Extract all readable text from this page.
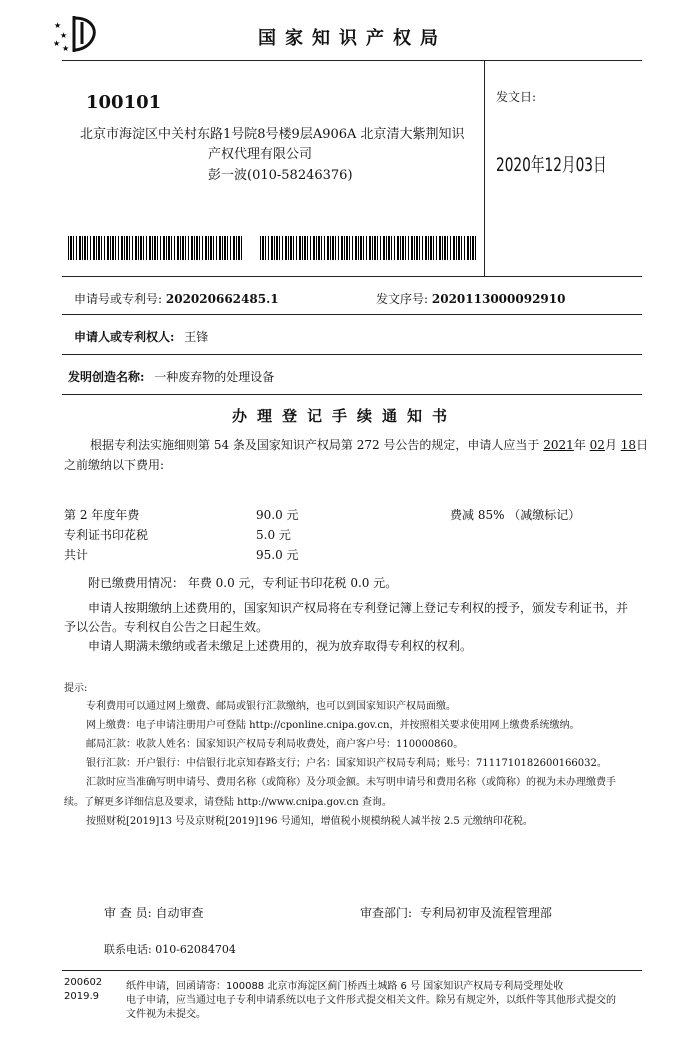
★
★
★
★	国家知识产权局
100101
北京市海淀区中关村东路1号院8号楼9层A906A 北京清大紫荆知识
产权代理有限公司
彭一波(010-58246376)
发文日:
2020年12月03日
申请号或专利号: 202020662485.1	发文序号: 2020113000092910
申请人或专利权人: 王锋
发明创造名称: 一种废弃物的处理设备
办理登记手续通知书
根据专利法实施细则第 54 条及国家知识产权局第 272 号公告的规定，申请人应当于 2021年 02月 18日
之前缴纳以下费用:
第 2 年度年费	90.0 元	费减 85% （减缴标记）
专利证书印花税	5.0 元
共计	95.0 元
附已缴费用情况： 年费 0.0 元，专利证书印花税 0.0 元。
申请人按期缴纳上述费用的，国家知识产权局将在专利登记簿上登记专利权的授予，颁发专利证书，并
予以公告。专利权自公告之日起生效。
申请人期满未缴纳或者未缴足上述费用的，视为放弃取得专利权的权利。
提示:
专利费用可以通过网上缴费、邮局或银行汇款缴纳，也可以到国家知识产权局面缴。
网上缴费：电子申请注册用户可登陆 http://cponline.cnipa.gov.cn，并按照相关要求使用网上缴费系统缴纳。
邮局汇款：收款人姓名：国家知识产权局专利局收费处，商户客户号：110000860。
银行汇款：开户银行：中信银行北京知春路支行；户名：国家知识产权局专利局；账号：7111710182600166032。
汇款时应当准确写明申请号、费用名称（或简称）及分项金额。未写明申请号和费用名称（或简称）的视为未办理缴费手
续。了解更多详细信息及要求，请登陆 http://www.cnipa.gov.cn 查询。
按照财税[2019]13 号及京财税[2019]196 号通知，增值税小规模纳税人减半按 2.5 元缴纳印花税。
审 查 员: 自动审查	审查部门: 专利局初审及流程管理部
联系电话: 010-62084704
200602
2019.9
纸件申请，回函请寄：100088 北京市海淀区蓟门桥西土城路 6 号 国家知识产权局专利局受理处收
电子申请，应当通过电子专利申请系统以电子文件形式提交相关文件。除另有规定外，以纸件等其他形式提交的
文件视为未提交。
